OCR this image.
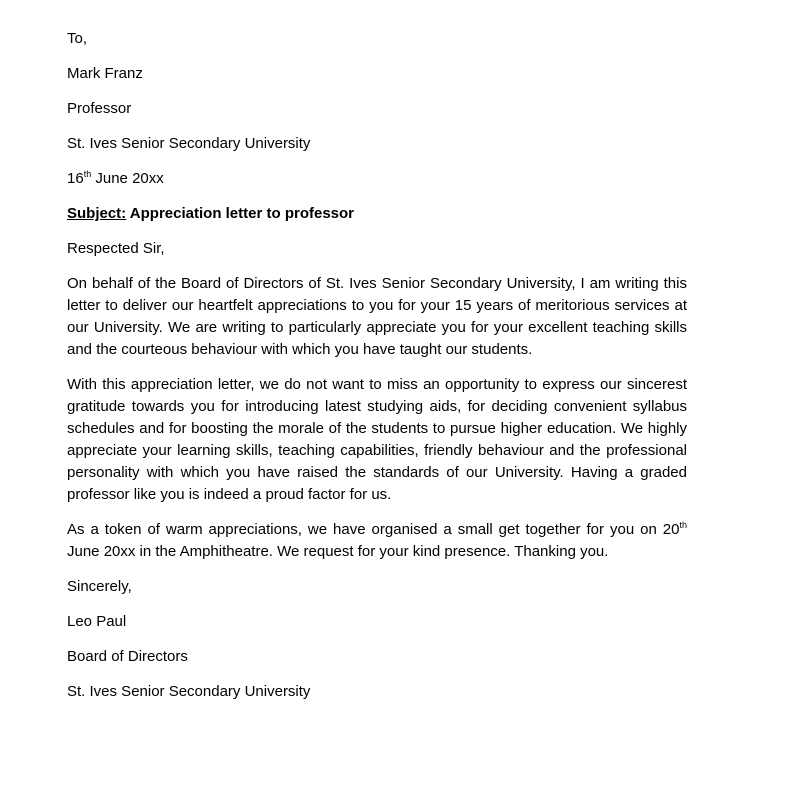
To,

Mark Franz

Professor

St. Ives Senior Secondary University

16th June 20xx

Subject: Appreciation letter to professor

Respected Sir,

On behalf of the Board of Directors of St. Ives Senior Secondary University, I am writing this letter to deliver our heartfelt appreciations to you for your 15 years of meritorious services at our University. We are writing to particularly appreciate you for your excellent teaching skills and the courteous behaviour with which you have taught our students.

With this appreciation letter, we do not want to miss an opportunity to express our sincerest gratitude towards you for introducing latest studying aids, for deciding convenient syllabus schedules and for boosting the morale of the students to pursue higher education. We highly appreciate your learning skills, teaching capabilities, friendly behaviour and the professional personality with which you have raised the standards of our University. Having a graded professor like you is indeed a proud factor for us.

As a token of warm appreciations, we have organised a small get together for you on 20th June 20xx in the Amphitheatre. We request for your kind presence. Thanking you.

Sincerely,

Leo Paul

Board of Directors

St. Ives Senior Secondary University
